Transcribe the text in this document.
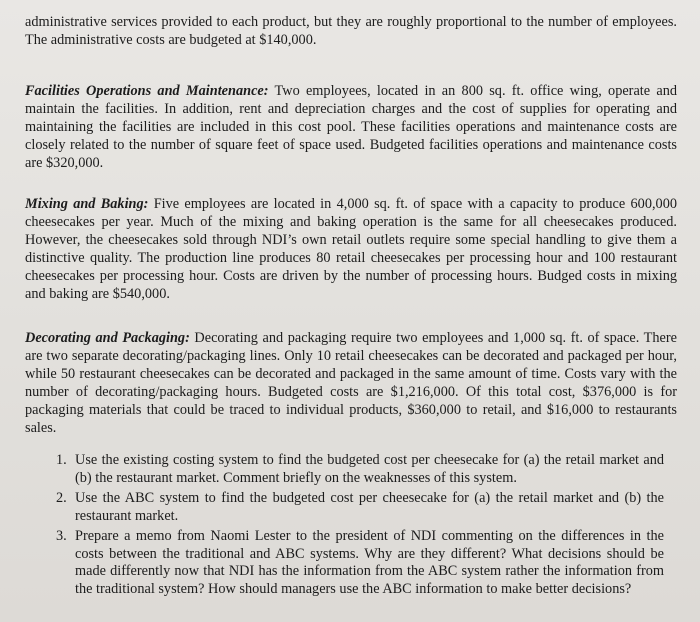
administrative services provided to each product, but they are roughly proportional to the number of employees. The administrative costs are budgeted at $140,000.

Facilities Operations and Maintenance: Two employees, located in an 800 sq. ft. office wing, operate and maintain the facilities. In addition, rent and depreciation charges and the cost of supplies for operating and maintaining the facilities are included in this cost pool. These facilities operations and maintenance costs are closely related to the number of square feet of space used. Budgeted facilities operations and maintenance costs are $320,000.

Mixing and Baking: Five employees are located in 4,000 sq. ft. of space with a capacity to produce 600,000 cheesecakes per year. Much of the mixing and baking operation is the same for all cheesecakes produced. However, the cheesecakes sold through NDI’s own retail outlets require some special handling to give them a distinctive quality. The production line produces 80 retail cheesecakes per processing hour and 100 restaurant cheesecakes per processing hour. Costs are driven by the number of processing hours. Budged costs in mixing and baking are $540,000.

Decorating and Packaging: Decorating and packaging require two employees and 1,000 sq. ft. of space. There are two separate decorating/packaging lines. Only 10 retail cheesecakes can be decorated and packaged per hour, while 50 restaurant cheesecakes can be decorated and packaged in the same amount of time. Costs vary with the number of decorating/packaging hours. Budgeted costs are $1,216,000. Of this total cost, $376,000 is for packaging materials that could be traced to individual products, $360,000 to retail, and $16,000 to restaurants sales.

1. Use the existing costing system to find the budgeted cost per cheesecake for (a) the retail market and (b) the restaurant market. Comment briefly on the weaknesses of this system.
2. Use the ABC system to find the budgeted cost per cheesecake for (a) the retail market and (b) the restaurant market.
3. Prepare a memo from Naomi Lester to the president of NDI commenting on the differences in the costs between the traditional and ABC systems. Why are they different? What decisions should be made differently now that NDI has the information from the ABC system rather the information from the traditional system? How should managers use the ABC information to make better decisions?
